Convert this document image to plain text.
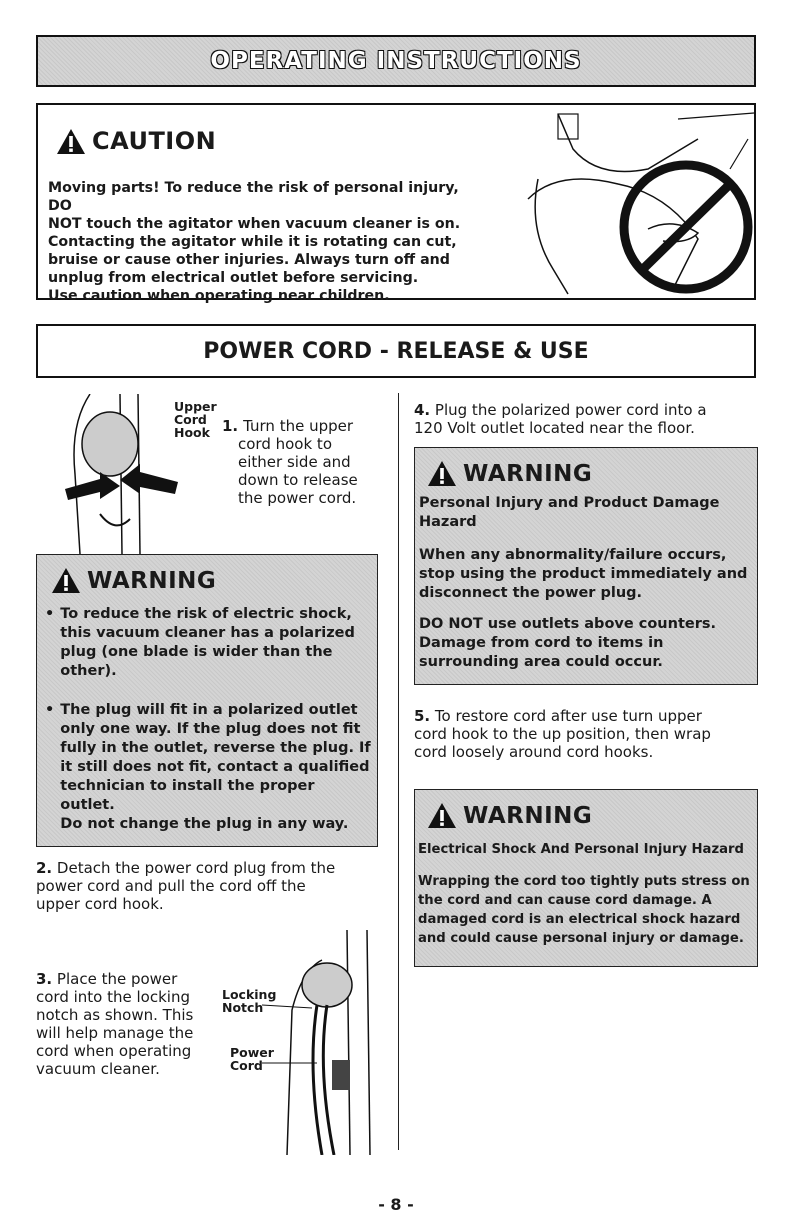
OPERATING INSTRUCTIONS
CAUTION
Moving parts! To reduce the risk of personal injury, DO
NOT touch the agitator when vacuum cleaner is on.
Contacting the agitator while it is rotating can cut,
bruise or cause other injuries. Always turn off and
unplug from electrical outlet before servicing.
Use caution when operating near children.
POWER CORD - RELEASE & USE
Upper
Cord
Hook 1. Turn the upper
cord hook to
either side and
down to release
the power cord.
WARNING
• To reduce the risk of electric shock,
this vacuum cleaner has a polarized
plug (one blade is wider than the
other).
• The plug will fit in a polarized outlet
only one way. If the plug does not fit
fully in the outlet, reverse the plug. If
it still does not fit, contact a qualified
technician to install the proper outlet.
Do not change the plug in any way.
2. Detach the power cord plug from the
power cord and pull the cord off the
upper cord hook.
3. Place the power
cord into the locking
notch as shown. This
will help manage the
cord when operating
vacuum cleaner.
Locking
Notch
Power
Cord
4. Plug the polarized power cord into a
120 Volt outlet located near the floor.
WARNING
Personal Injury and Product Damage
Hazard
When any abnormality/failure occurs,
stop using the product immediately and
disconnect the power plug.
DO NOT use outlets above counters.
Damage from cord to items in
surrounding area could occur.
5. To restore cord after use turn upper
cord hook to the up position, then wrap
cord loosely around cord hooks.
WARNING
Electrical Shock And Personal Injury Hazard
Wrapping the cord too tightly puts stress on
the cord and can cause cord damage. A
damaged cord is an electrical shock hazard
and could cause personal injury or damage.
- 8 -
